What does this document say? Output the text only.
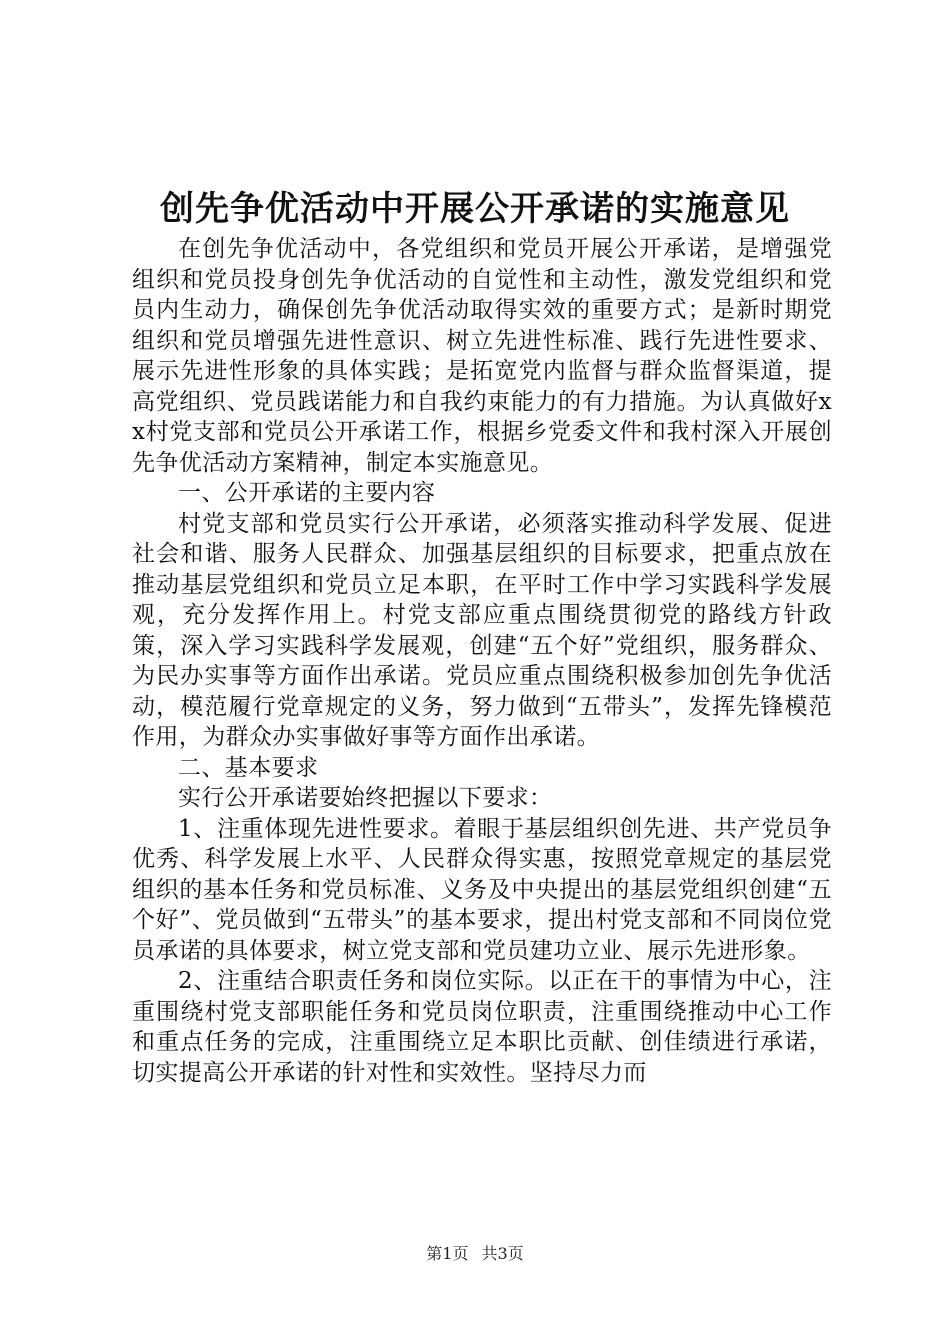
创先争优活动中开展公开承诺的实施意见

在创先争优活动中，各党组织和党员开展公开承诺，是增强党组织和党员投身创先争优活动的自觉性和主动性，激发党组织和党员内生动力，确保创先争优活动取得实效的重要方式；是新时期党组织和党员增强先进性意识、树立先进性标准、践行先进性要求、展示先进性形象的具体实践；是拓宽党内监督与群众监督渠道，提高党组织、党员践诺能力和自我约束能力的有力措施。为认真做好xx村党支部和党员公开承诺工作，根据乡党委文件和我村深入开展创先争优活动方案精神，制定本实施意见。

一、公开承诺的主要内容

村党支部和党员实行公开承诺，必须落实推动科学发展、促进社会和谐、服务人民群众、加强基层组织的目标要求，把重点放在推动基层党组织和党员立足本职，在平时工作中学习实践科学发展观，充分发挥作用上。村党支部应重点围绕贯彻党的路线方针政策，深入学习实践科学发展观，创建“五个好”党组织，服务群众、为民办实事等方面作出承诺。党员应重点围绕积极参加创先争优活动，模范履行党章规定的义务，努力做到“五带头”，发挥先锋模范作用，为群众办实事做好事等方面作出承诺。

二、基本要求

实行公开承诺要始终把握以下要求：

1、注重体现先进性要求。着眼于基层组织创先进、共产党员争优秀、科学发展上水平、人民群众得实惠，按照党章规定的基层党组织的基本任务和党员标准、义务及中央提出的基层党组织创建“五个好”、党员做到“五带头”的基本要求，提出村党支部和不同岗位党员承诺的具体要求，树立党支部和党员建功立业、展示先进形象。

2、注重结合职责任务和岗位实际。以正在干的事情为中心，注重围绕村党支部职能任务和党员岗位职责，注重围绕推动中心工作和重点任务的完成，注重围绕立足本职比贡献、创佳绩进行承诺，切实提高公开承诺的针对性和实效性。坚持尽力而

第1页 共3页
